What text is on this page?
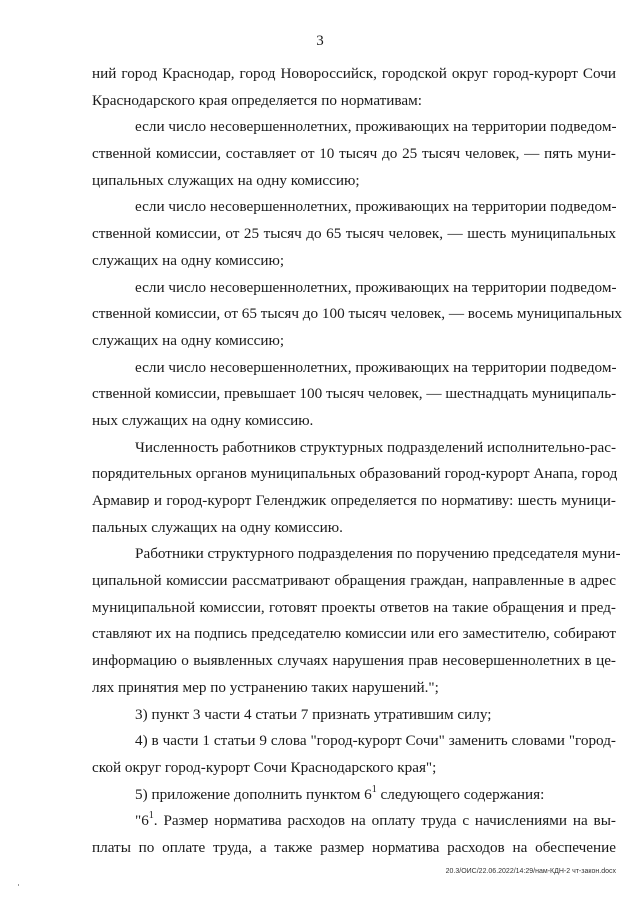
3
ний город Краснодар, город Новороссийск, городской округ город-курорт Сочи
Краснодарского края определяется по нормативам:
если число несовершеннолетних, проживающих на территории подведом-
ственной комиссии, составляет от 10 тысяч до 25 тысяч человек, — пять муни-
ципальных служащих на одну комиссию;
если число несовершеннолетних, проживающих на территории подведом-
ственной комиссии, от 25 тысяч до 65 тысяч человек, — шесть муниципальных
служащих на одну комиссию;
если число несовершеннолетних, проживающих на территории подведом-
ственной комиссии, от 65 тысяч до 100 тысяч человек, — восемь муниципальных
служащих на одну комиссию;
если число несовершеннолетних, проживающих на территории подведом-
ственной комиссии, превышает 100 тысяч человек, — шестнадцать муниципаль-
ных служащих на одну комиссию.
Численность работников структурных подразделений исполнительно-рас-
порядительных органов муниципальных образований город-курорт Анапа, город
Армавир и город-курорт Геленджик определяется по нормативу: шесть муници-
пальных служащих на одну комиссию.
Работники структурного подразделения по поручению председателя муни-
ципальной комиссии рассматривают обращения граждан, направленные в адрес
муниципальной комиссии, готовят проекты ответов на такие обращения и пред-
ставляют их на подпись председателю комиссии или его заместителю, собирают
информацию о выявленных случаях нарушения прав несовершеннолетних в це-
лях принятия мер по устранению таких нарушений.";
3) пункт 3 части 4 статьи 7 признать утратившим силу;
4) в части 1 статьи 9 слова "город-курорт Сочи" заменить словами "город-
ской округ город-курорт Сочи Краснодарского края";
5) приложение дополнить пунктом $6^1$ следующего содержания:
"$6^1$. Размер норматива расходов на оплату труда с начислениями на вы-
платы по оплате труда, а также размер норматива расходов на обеспечение
20.3/ОИС/22.06.2022/14:29/нам-КДН-2 чт-закон.docx
